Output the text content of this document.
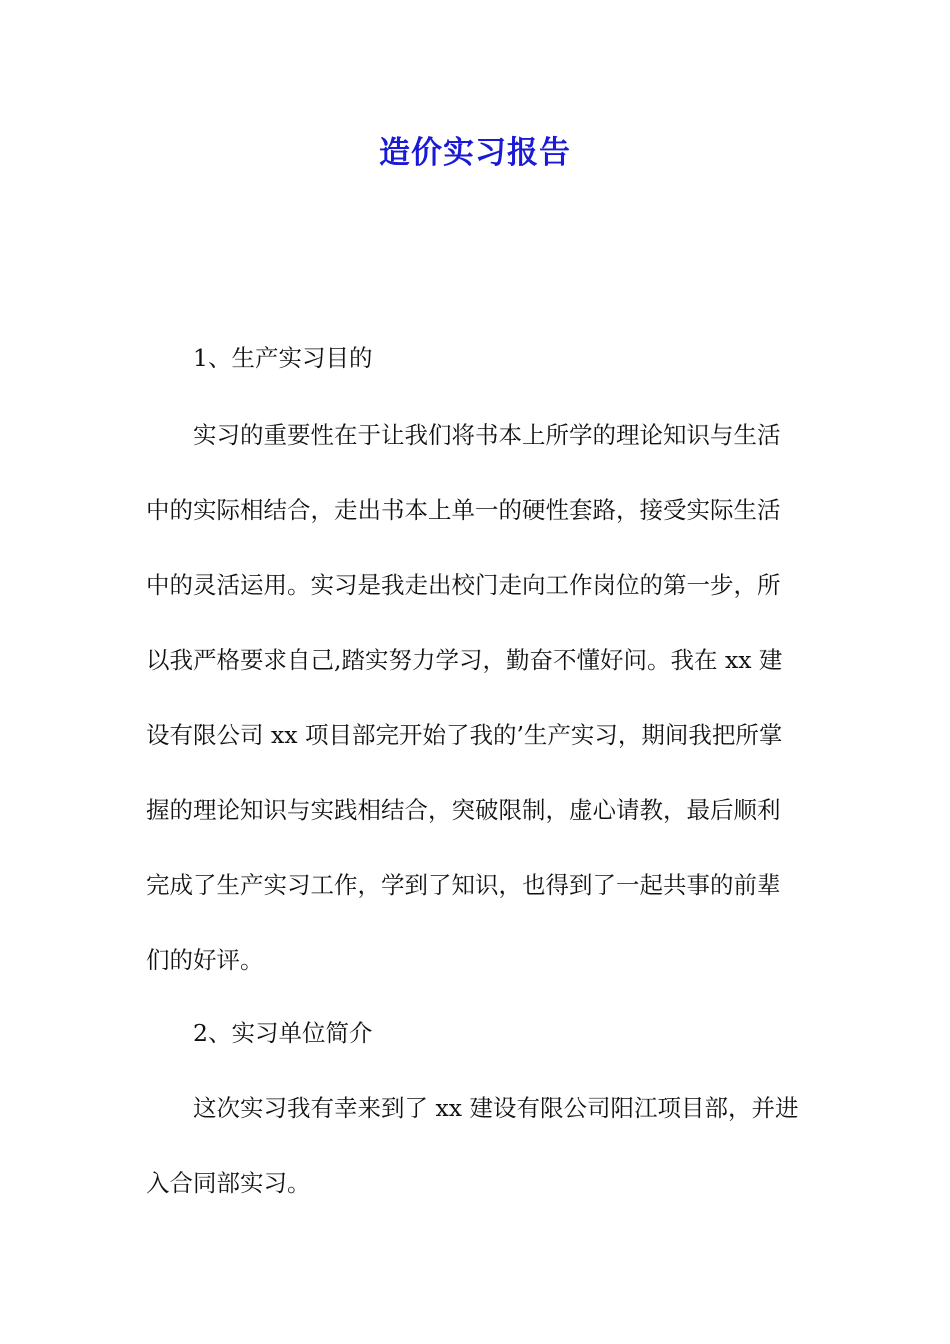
造价实习报告
1、生产实习目的
实习的重要性在于让我们将书本上所学的理论知识与生活
中的实际相结合，走出书本上单一的硬性套路，接受实际生活
中的灵活运用。实习是我走出校门走向工作岗位的第一步，所
以我严格要求自己,踏实努力学习，勤奋不懂好问。我在 xx 建
设有限公司 xx 项目部完开始了我的’生产实习，期间我把所掌
握的理论知识与实践相结合，突破限制，虚心请教，最后顺利
完成了生产实习工作，学到了知识，也得到了一起共事的前辈
们的好评。
2、实习单位简介
这次实习我有幸来到了 xx 建设有限公司阳江项目部，并进
入合同部实习。
